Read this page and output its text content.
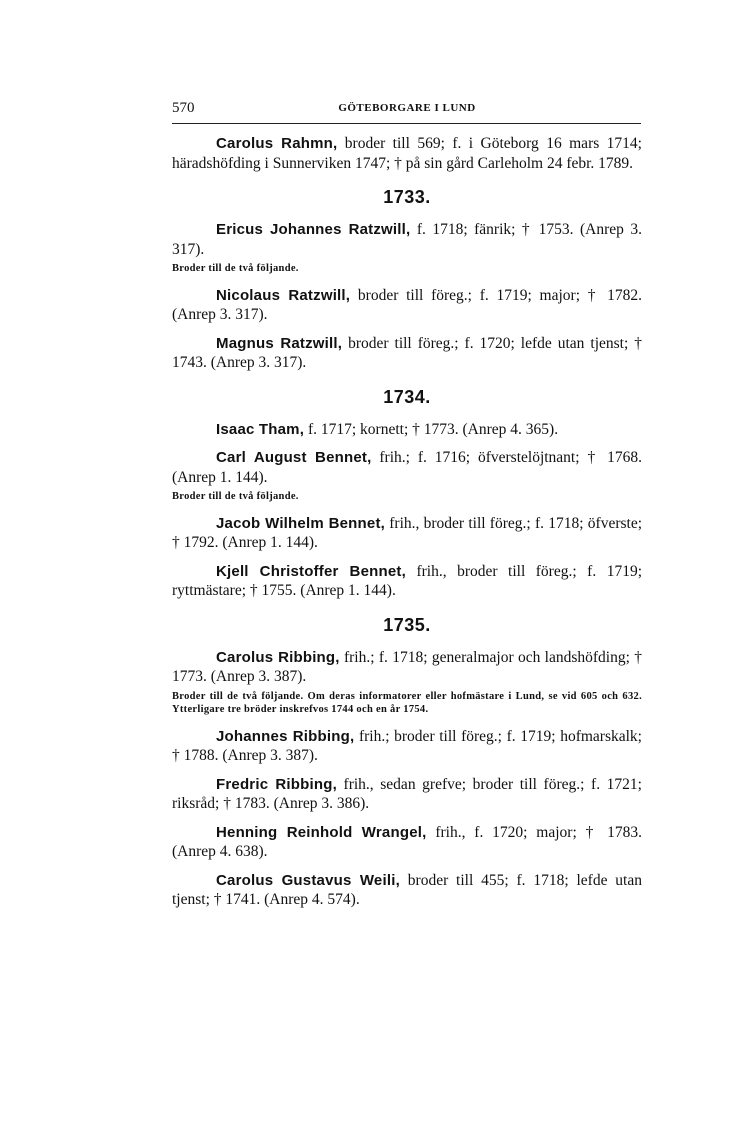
570	GÖTEBORGARE I LUND

Carolus Rahmn, broder till 569; f. i Göteborg 16 mars 1714; häradshöfding i Sunnerviken 1747; † på sin gård Carleholm 24 febr. 1789.

1733.

Ericus Johannes Ratzwill, f. 1718; fänrik; † 1753. (Anrep 3. 317).

Broder till de två följande.

Nicolaus Ratzwill, broder till föreg.; f. 1719; major; † 1782. (Anrep 3. 317).

Magnus Ratzwill, broder till föreg.; f. 1720; lefde utan tjenst; † 1743. (Anrep 3. 317).

1734.

Isaac Tham, f. 1717; kornett; † 1773. (Anrep 4. 365).

Carl August Bennet, frih.; f. 1716; öfverstelöjtnant; † 1768. (Anrep 1. 144).

Broder till de två följande.

Jacob Wilhelm Bennet, frih., broder till föreg.; f. 1718; öfverste; † 1792. (Anrep 1. 144).

Kjell Christoffer Bennet, frih., broder till föreg.; f. 1719; ryttmästare; † 1755. (Anrep 1. 144).

1735.

Carolus Ribbing, frih.; f. 1718; generalmajor och landshöfding; † 1773. (Anrep 3. 387).

Broder till de två följande. Om deras informatorer eller hofmästare i Lund, se vid 605 och 632. Ytterligare tre bröder inskrefvos 1744 och en år 1754.

Johannes Ribbing, frih.; broder till föreg.; f. 1719; hofmarskalk; † 1788. (Anrep 3. 387).

Fredric Ribbing, frih., sedan grefve; broder till föreg.; f. 1721; riksråd; † 1783. (Anrep 3. 386).

Henning Reinhold Wrangel, frih., f. 1720; major; † 1783. (Anrep 4. 638).

Carolus Gustavus Weili, broder till 455; f. 1718; lefde utan tjenst; † 1741. (Anrep 4. 574).
